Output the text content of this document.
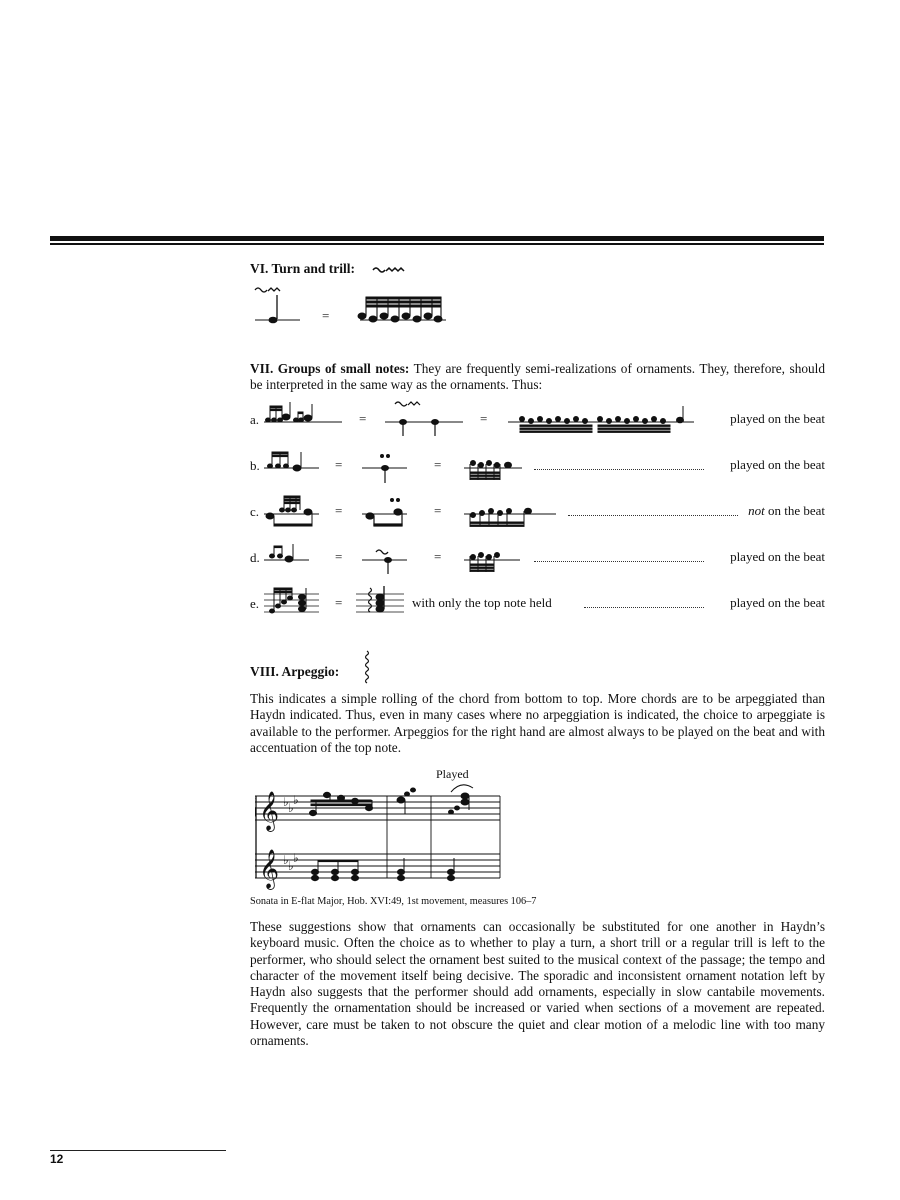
VI. Turn and trill:
=
VII. Groups of small notes: They are frequently semi-realizations of ornaments. They, therefore, should be interpreted in the same way as the ornaments. Thus:
a.	=	=	played on the beat
b.	=	=	played on the beat
c.	=	=	not on the beat
d.	=	=	played on the beat
e.	=	with only the top note held	played on the beat
VIII. Arpeggio:
This indicates a simple rolling of the chord from bottom to top. More chords are to be arpeggiated than Haydn indicated. Thus, even in many cases where no arpeggiation is indicated, the choice to arpeggiate is available to the performer. Arpeggios for the right hand are almost always to be played on the beat and with accentuation of the top note.
Played
𝄞
𝄞
♭ ♭
♭
♭ ♭
♭
Sonata in E-flat Major, Hob. XVI:49, 1st movement, measures 106–7
These suggestions show that ornaments can occasionally be substituted for one another in Haydn’s keyboard music. Often the choice as to whether to play a turn, a short trill or a regular trill is left to the performer, who should select the ornament best suited to the musical context of the passage; the tempo and character of the movement itself being decisive. The sporadic and inconsistent ornament notation left by Haydn also suggests that the performer should add ornaments, especially in slow cantabile movements. Frequently the ornamentation should be increased or varied when sections of a movement are repeated. However, care must be taken to not obscure the quiet and clear motion of a melodic line with too many ornaments.
12
